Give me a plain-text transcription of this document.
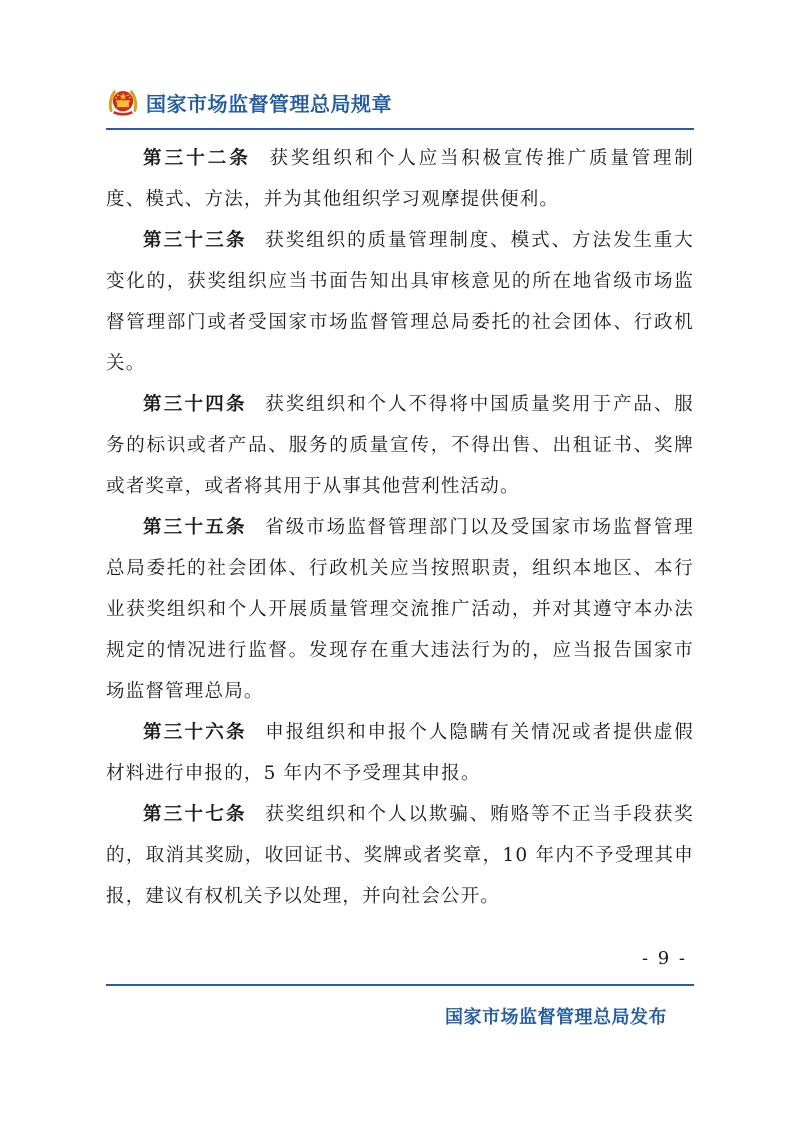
国家市场监督管理总局规章

第三十二条 获奖组织和个人应当积极宣传推广质量管理制度、模式、方法，并为其他组织学习观摩提供便利。

第三十三条 获奖组织的质量管理制度、模式、方法发生重大变化的，获奖组织应当书面告知出具审核意见的所在地省级市场监督管理部门或者受国家市场监督管理总局委托的社会团体、行政机关。

第三十四条 获奖组织和个人不得将中国质量奖用于产品、服务的标识或者产品、服务的质量宣传，不得出售、出租证书、奖牌或者奖章，或者将其用于从事其他营利性活动。

第三十五条 省级市场监督管理部门以及受国家市场监督管理总局委托的社会团体、行政机关应当按照职责，组织本地区、本行业获奖组织和个人开展质量管理交流推广活动，并对其遵守本办法规定的情况进行监督。发现存在重大违法行为的，应当报告国家市场监督管理总局。

第三十六条 申报组织和申报个人隐瞒有关情况或者提供虚假材料进行申报的，5 年内不予受理其申报。

第三十七条 获奖组织和个人以欺骗、贿赂等不正当手段获奖的，取消其奖励，收回证书、奖牌或者奖章，10 年内不予受理其申报，建议有权机关予以处理，并向社会公开。

- 9 -
国家市场监督管理总局发布
